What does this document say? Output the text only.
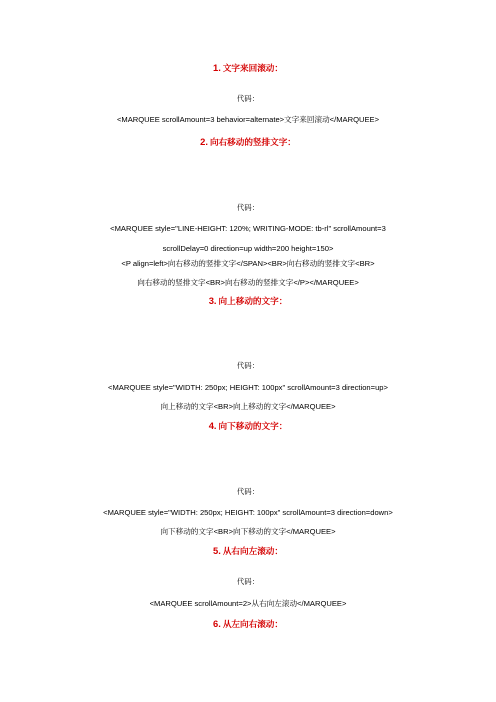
1. 文字来回滚动：
代码：
<MARQUEE scrollAmount=3 behavior=alternate>文字来回滚动</MARQUEE>
2. 向右移动的竖排文字：
代码：
<MARQUEE style="LINE-HEIGHT: 120%; WRITING-MODE: tb-rl" scrollAmount=3
scrollDelay=0 direction=up width=200 height=150>
<P align=left>向右移动的竖排文字</SPAN><BR>向右移动的竖排文字<BR>
向右移动的竖排文字<BR>向右移动的竖排文字</P></MARQUEE>
3. 向上移动的文字：
代码：
<MARQUEE style="WIDTH: 250px; HEIGHT: 100px" scrollAmount=3 direction=up>
向上移动的文字<BR>向上移动的文字</MARQUEE>
4. 向下移动的文字：
代码：
<MARQUEE style="WIDTH: 250px; HEIGHT: 100px" scrollAmount=3 direction=down>
向下移动的文字<BR>向下移动的文字</MARQUEE>
5. 从右向左滚动：
代码：
<MARQUEE scrollAmount=2>从右向左滚动</MARQUEE>
6. 从左向右滚动：
